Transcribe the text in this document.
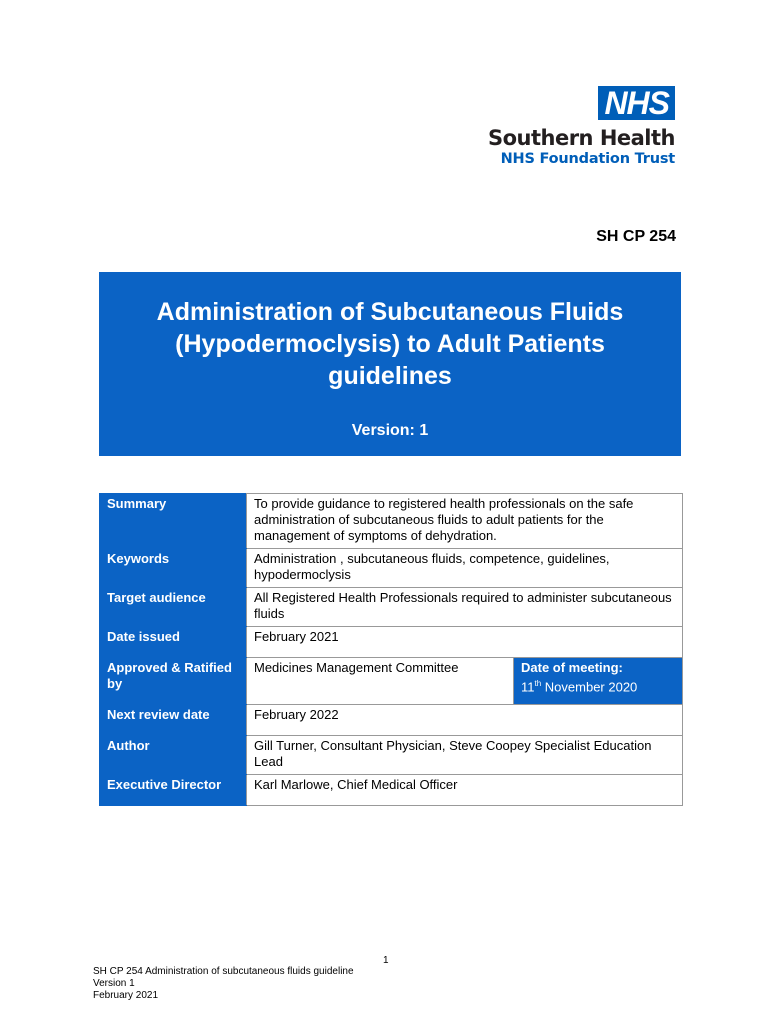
NHS
Southern Health
NHS Foundation Trust
SH CP 254
Administration of Subcutaneous Fluids (Hypodermoclysis) to Adult Patients guidelines
Version: 1
Summary	To provide guidance to registered health professionals on the safe administration of subcutaneous fluids to adult patients for the management of symptoms of dehydration.	
Keywords	Administration , subcutaneous fluids, competence, guidelines, hypodermoclysis	
Target audience	All Registered Health Professionals required to administer subcutaneous fluids	
Date issued	February 2021	
Approved & Ratified by	Medicines Management Committee	Date of meeting:
11th November 2020

Next review date	February 2022	
Author	Gill Turner, Consultant Physician, Steve Coopey Specialist Education Lead	
Executive Director	Karl Marlowe, Chief Medical Officer	
1
SH CP 254 Administration of subcutaneous fluids guideline
Version 1
February 2021
